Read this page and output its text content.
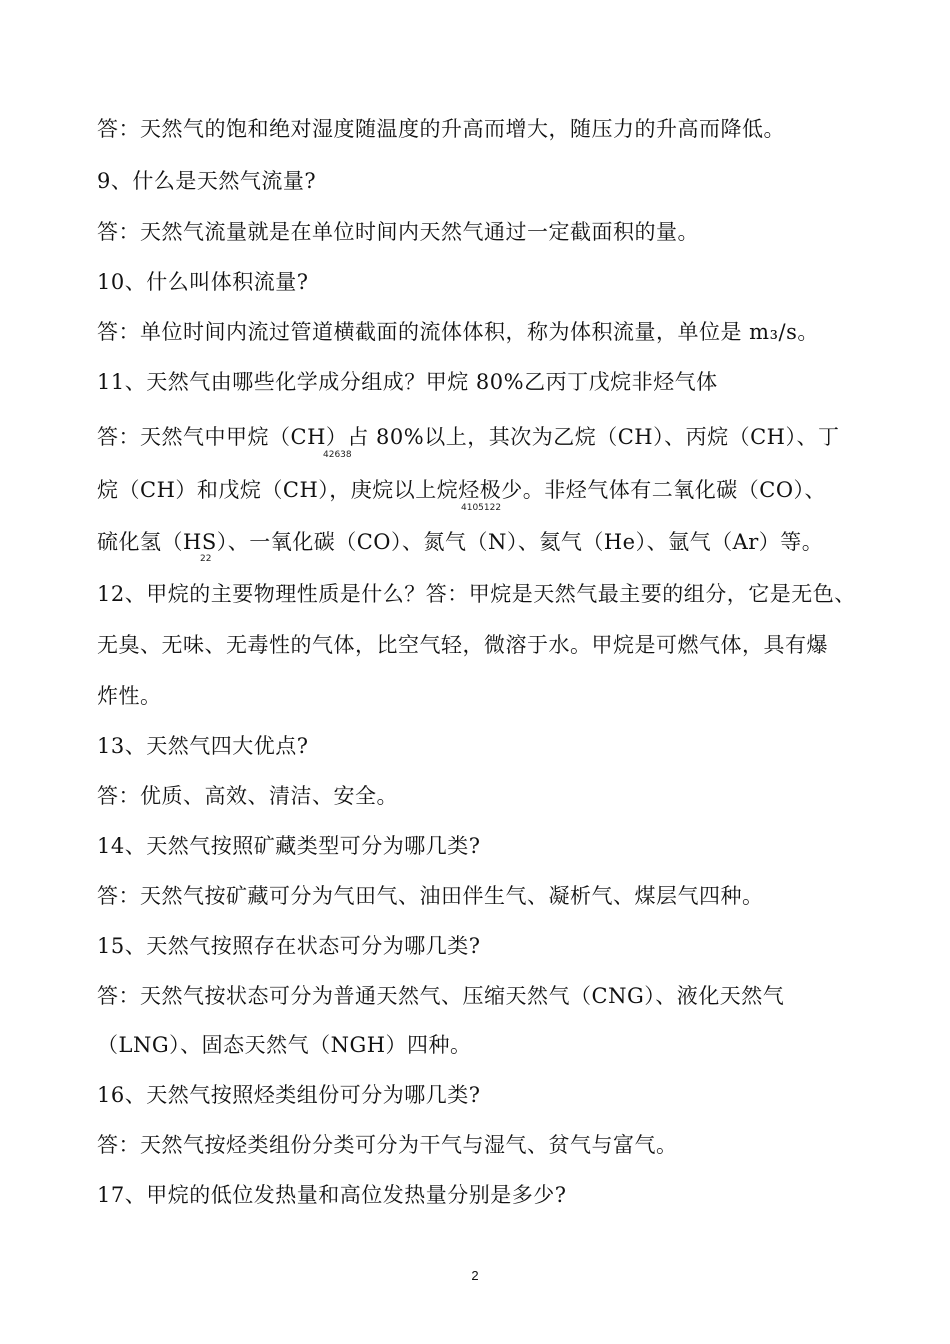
答：天然气的饱和绝对湿度随温度的升高而增大，随压力的升高而降低。
9、什么是天然气流量?
答：天然气流量就是在单位时间内天然气通过一定截面积的量。
10、什么叫体积流量?
答：单位时间内流过管道横截面的流体体积，称为体积流量，单位是 m₃/s。
11、天然气由哪些化学成分组成？甲烷 80%乙丙丁戊烷非烃气体
答：天然气中甲烷（CH）占 80%以上，其次为乙烷（CH）、丙烷（CH）、丁
42638
烷（CH）和戊烷（CH），庚烷以上烷烃极少。非烃气体有二氧化碳（CO）、
4105122
硫化氢（HS）、一氧化碳（CO）、氮气（N）、氦气（He）、氩气（Ar）等。
22
12、甲烷的主要物理性质是什么？答：甲烷是天然气最主要的组分，它是无色、
无臭、无味、无毒性的气体，比空气轻，微溶于水。甲烷是可燃气体，具有爆
炸性。
13、天然气四大优点?
答：优质、高效、清洁、安全。
14、天然气按照矿藏类型可分为哪几类?
答：天然气按矿藏可分为气田气、油田伴生气、凝析气、煤层气四种。
15、天然气按照存在状态可分为哪几类?
答：天然气按状态可分为普通天然气、压缩天然气（CNG）、液化天然气
（LNG）、固态天然气（NGH）四种。
16、天然气按照烃类组份可分为哪几类?
答：天然气按烃类组份分类可分为干气与湿气、贫气与富气。
17、甲烷的低位发热量和高位发热量分别是多少?
2
